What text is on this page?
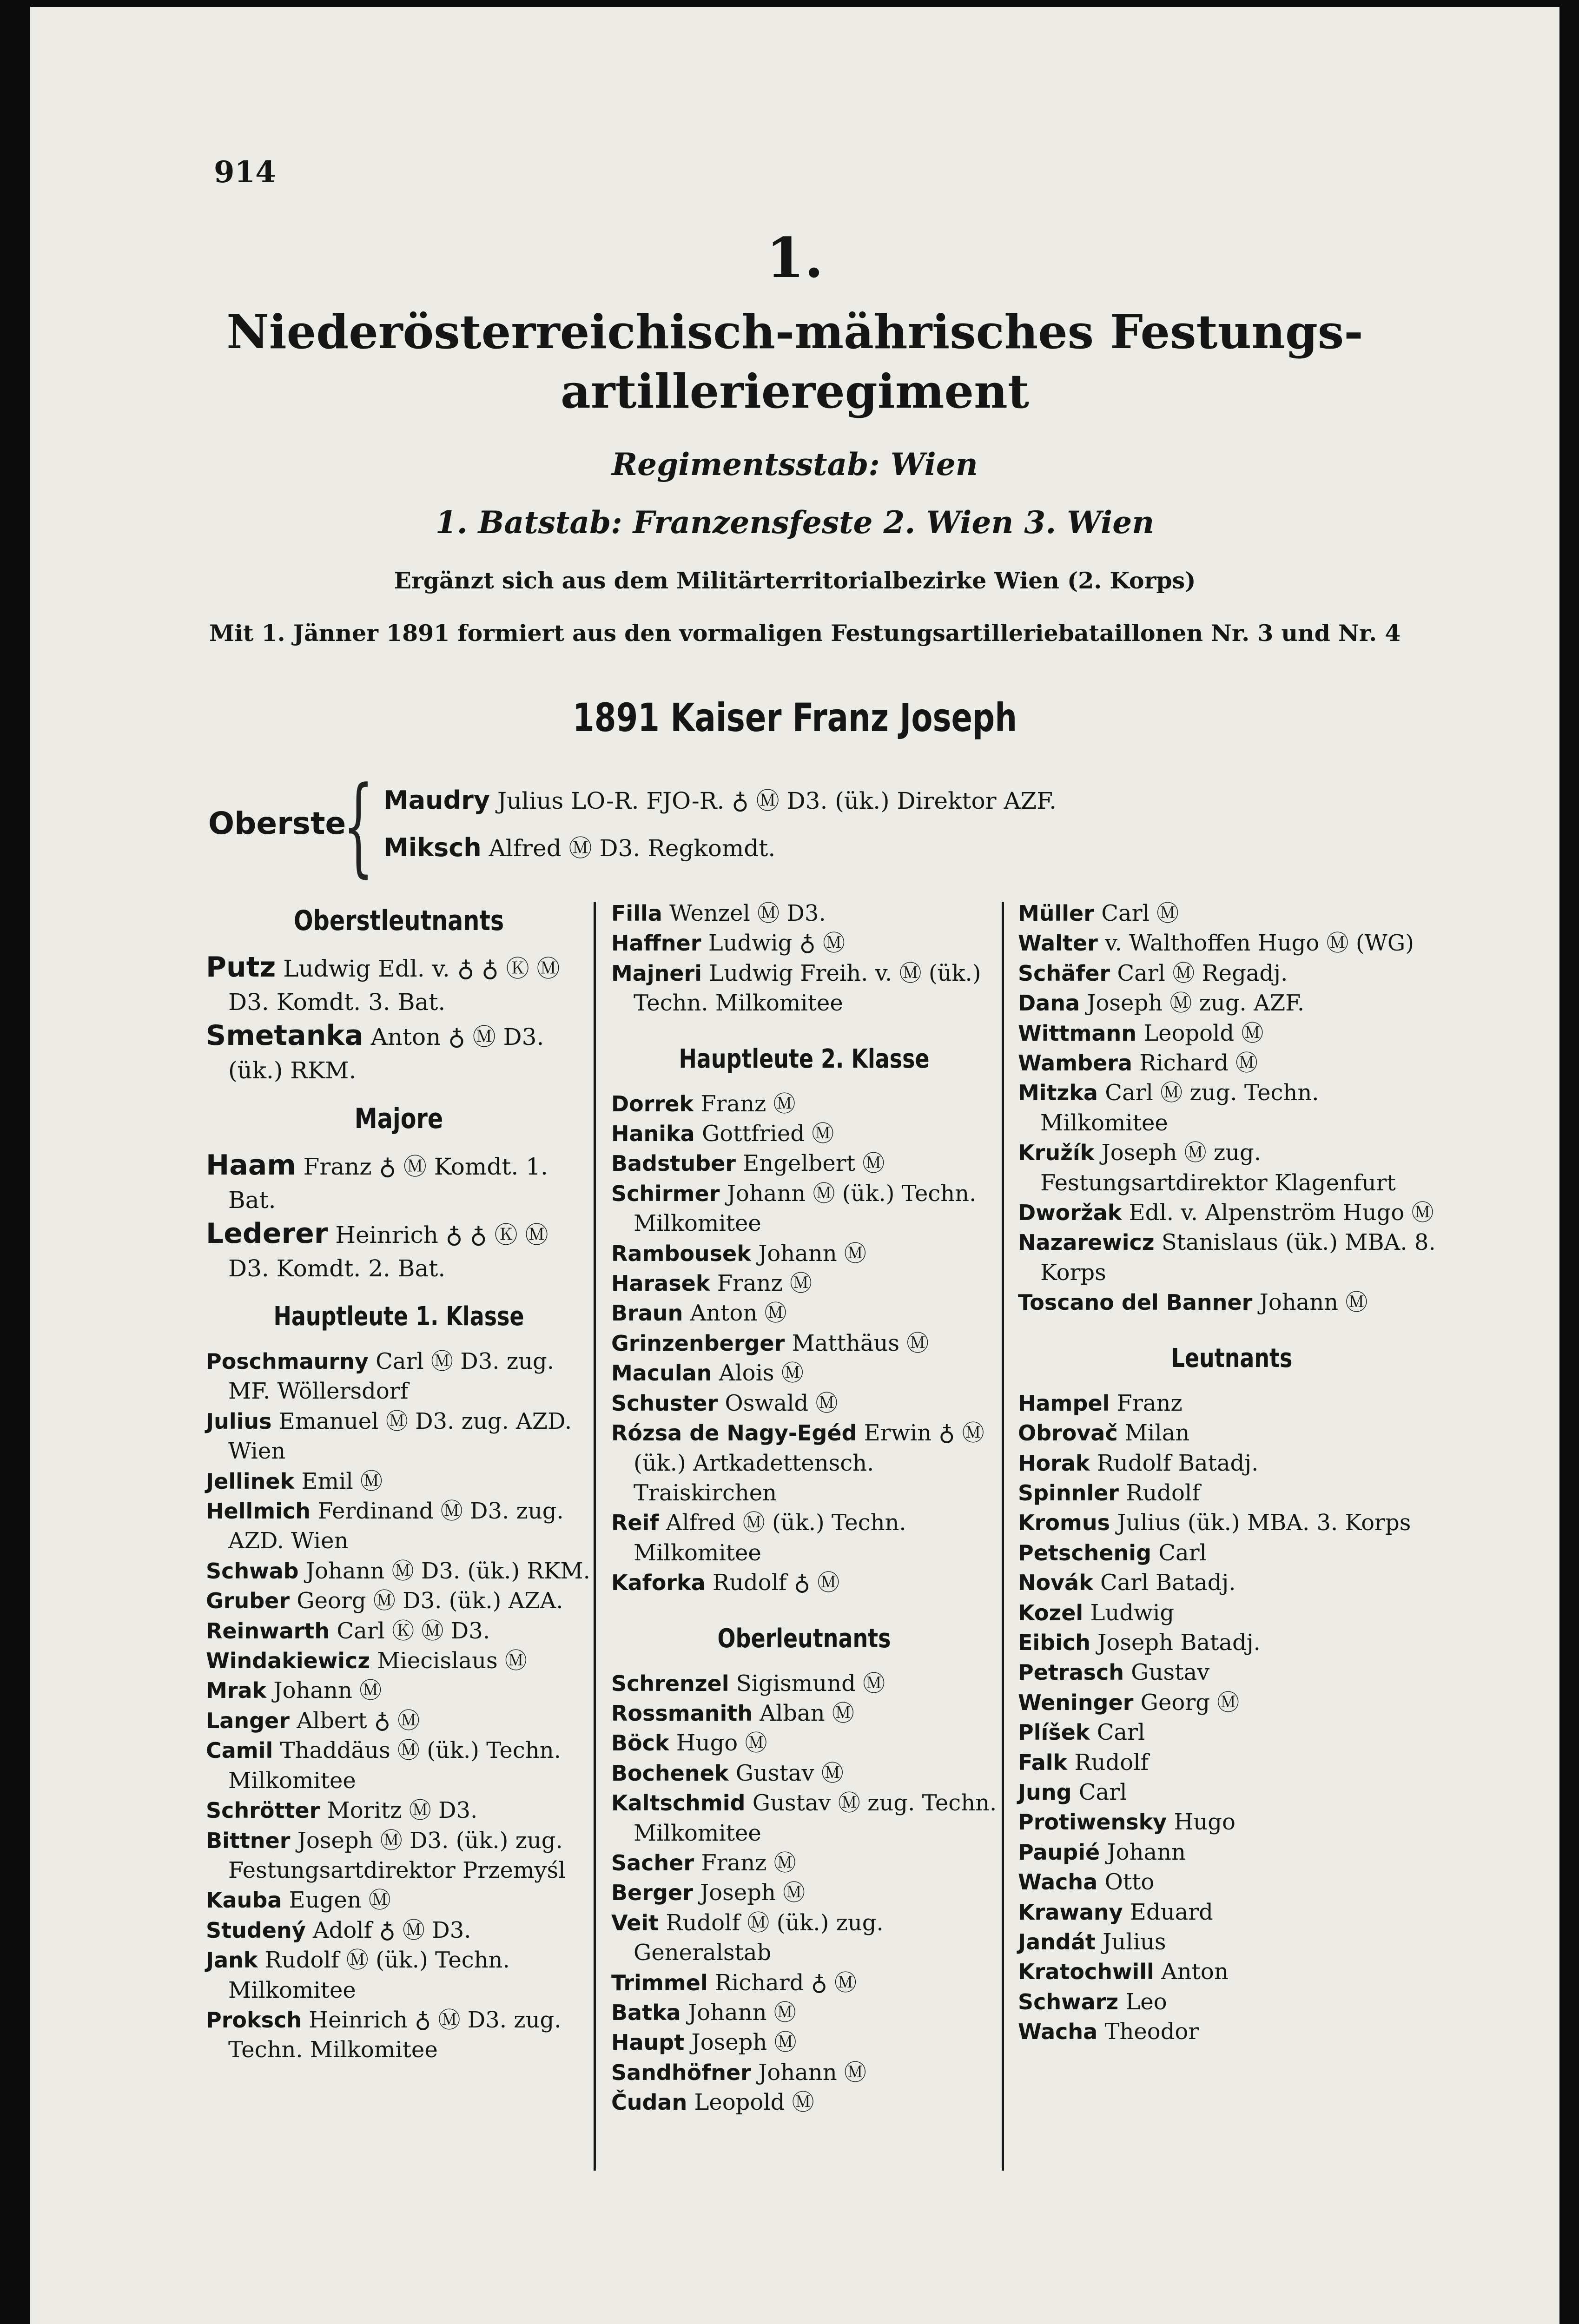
914
1.
Niederösterreichisch-mährisches Festungs-
artillerieregiment
Regimentsstab: Wien
1. Batstab: Franzensfeste 2. Wien 3. Wien
Ergänzt sich aus dem Militärterritorialbezirke Wien (2. Korps)
Mit 1. Jänner 1891 formiert aus den vormaligen Festungsartilleriebataillonen Nr. 3 und Nr. 4
1891 Kaiser Franz Joseph
Oberste
{ Maudry Julius LO-R. FJO-R. ♁ Ⓜ D3. (ük.) Direktor AZF.
Miksch Alfred Ⓜ D3. Regkomdt.
Oberstleutnants
Putz Ludwig Edl. v. ♁ ♁ Ⓚ Ⓜ D3. Komdt. 3. Bat.
Smetanka Anton ♁ Ⓜ D3. (ük.) RKM.
Majore
Haam Franz ♁ Ⓜ Komdt. 1. Bat.
Lederer Heinrich ♁ ♁ Ⓚ Ⓜ D3. Komdt. 2. Bat.
Hauptleute 1. Klasse
Poschmaurny Carl Ⓜ D3. zug. MF. Wöllersdorf
Julius Emanuel Ⓜ D3. zug. AZD. Wien
Jellinek Emil Ⓜ
Hellmich Ferdinand Ⓜ D3. zug. AZD. Wien
Schwab Johann Ⓜ D3. (ük.) RKM.
Gruber Georg Ⓜ D3. (ük.) AZA.
Reinwarth Carl Ⓚ Ⓜ D3.
Windakiewicz Miecislaus Ⓜ
Mrak Johann Ⓜ
Langer Albert ♁ Ⓜ
Camil Thaddäus Ⓜ (ük.) Techn. Milkomitee
Schrötter Moritz Ⓜ D3.
Bittner Joseph Ⓜ D3. (ük.) zug. Festungsartdirektor Przemyśl
Kauba Eugen Ⓜ
Studený Adolf ♁ Ⓜ D3.
Jank Rudolf Ⓜ (ük.) Techn. Milkomitee
Proksch Heinrich ♁ Ⓜ D3. zug. Techn. Milkomitee
Filla Wenzel Ⓜ D3.
Haffner Ludwig ♁ Ⓜ
Majneri Ludwig Freih. v. Ⓜ (ük.) Techn. Milkomitee
Hauptleute 2. Klasse
Dorrek Franz Ⓜ
Hanika Gottfried Ⓜ
Badstuber Engelbert Ⓜ
Schirmer Johann Ⓜ (ük.) Techn. Milkomitee
Rambousek Johann Ⓜ
Harasek Franz Ⓜ
Braun Anton Ⓜ
Grinzenberger Matthäus Ⓜ
Maculan Alois Ⓜ
Schuster Oswald Ⓜ
Rózsa de Nagy-Egéd Erwin ♁ Ⓜ (ük.) Artkadettensch. Traiskirchen
Reif Alfred Ⓜ (ük.) Techn. Milkomitee
Kaforka Rudolf ♁ Ⓜ
Oberleutnants
Schrenzel Sigismund Ⓜ
Rossmanith Alban Ⓜ
Böck Hugo Ⓜ
Bochenek Gustav Ⓜ
Kaltschmid Gustav Ⓜ zug. Techn. Milkomitee
Sacher Franz Ⓜ
Berger Joseph Ⓜ
Veit Rudolf Ⓜ (ük.) zug. Generalstab
Trimmel Richard ♁ Ⓜ
Batka Johann Ⓜ
Haupt Joseph Ⓜ
Sandhöfner Johann Ⓜ
Čudan Leopold Ⓜ
Müller Carl Ⓜ
Walter v. Walthoffen Hugo Ⓜ (WG)
Schäfer Carl Ⓜ Regadj.
Dana Joseph Ⓜ zug. AZF.
Wittmann Leopold Ⓜ
Wambera Richard Ⓜ
Mitzka Carl Ⓜ zug. Techn. Milkomitee
Kružík Joseph Ⓜ zug. Festungsartdirektor Klagenfurt
Dworžak Edl. v. Alpenström Hugo Ⓜ
Nazarewicz Stanislaus (ük.) MBA. 8. Korps
Toscano del Banner Johann Ⓜ
Leutnants
Hampel Franz
Obrovač Milan
Horak Rudolf Batadj.
Spinnler Rudolf
Kromus Julius (ük.) MBA. 3. Korps
Petschenig Carl
Novák Carl Batadj.
Kozel Ludwig
Eibich Joseph Batadj.
Petrasch Gustav
Weninger Georg Ⓜ
Plíšek Carl
Falk Rudolf
Jung Carl
Protiwensky Hugo
Paupié Johann
Wacha Otto
Krawany Eduard
Jandát Julius
Kratochwill Anton
Schwarz Leo
Wacha Theodor
